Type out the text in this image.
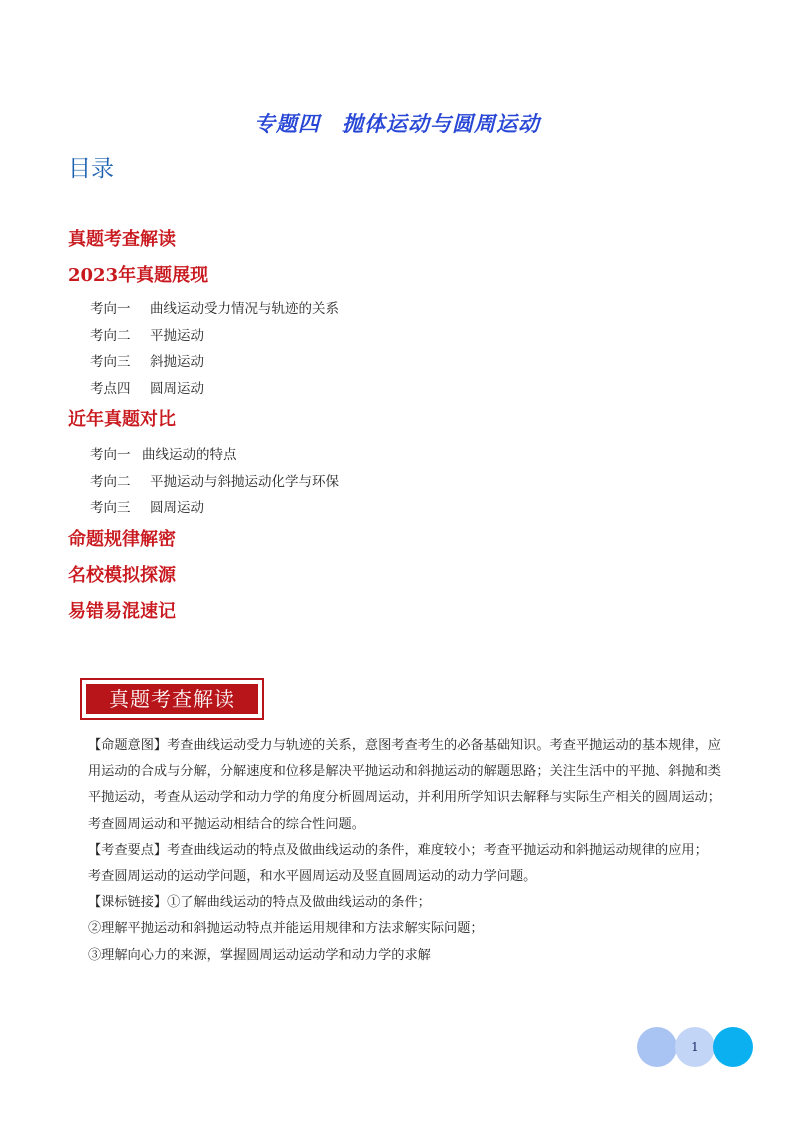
专题四　抛体运动与圆周运动
目录
真题考查解读
2023年真题展现
考向一 曲线运动受力情况与轨迹的关系
考向二 平抛运动
考向三 斜抛运动
考点四 圆周运动
近年真题对比
考向一 曲线运动的特点
考向二 平抛运动与斜抛运动化学与环保
考向三 圆周运动
命题规律解密
名校模拟探源
易错易混速记
真题考查解读

【命题意图】考查曲线运动受力与轨迹的关系，意图考查考生的必备基础知识。考查平抛运动的基本规律，应用运动的合成与分解，分解速度和位移是解决平抛运动和斜抛运动的解题思路；关注生活中的平抛、斜抛和类平抛运动，考查从运动学和动力学的角度分析圆周运动，并利用所学知识去解释与实际生产相关的圆周运动；考查圆周运动和平抛运动相结合的综合性问题。

【考查要点】考查曲线运动的特点及做曲线运动的条件，难度较小；考查平抛运动和斜抛运动规律的应用；

考查圆周运动的运动学问题，和水平圆周运动及竖直圆周运动的动力学问题。

【课标链接】①了解曲线运动的特点及做曲线运动的条件；

②理解平抛运动和斜抛运动特点并能运用规律和方法求解实际问题；

③理解向心力的来源，掌握圆周运动运动学和动力学的求解

1
